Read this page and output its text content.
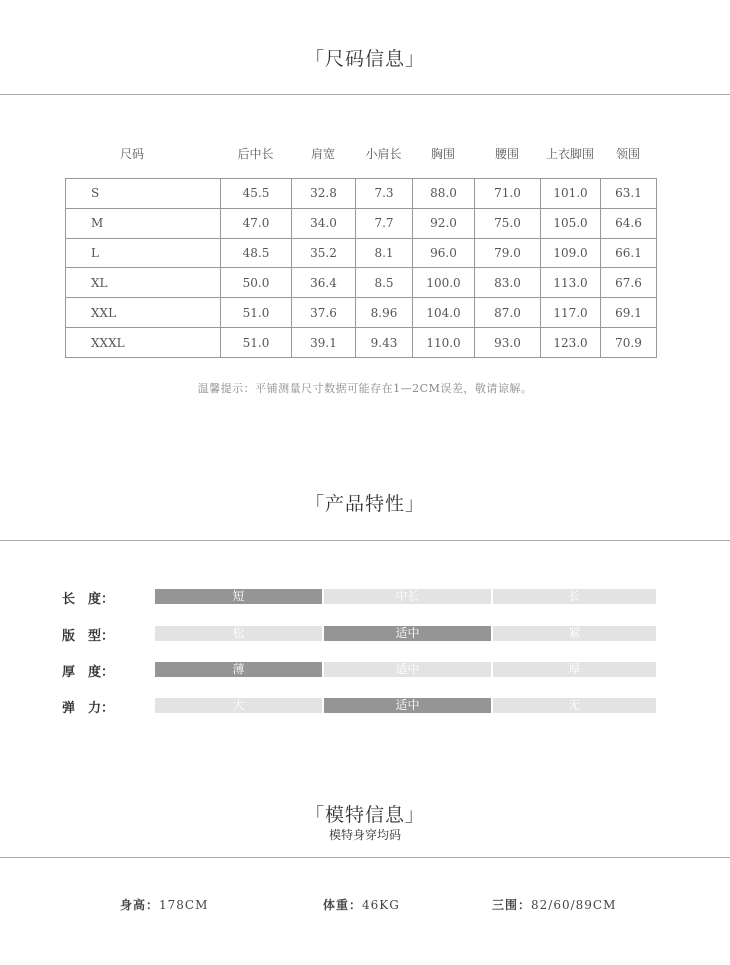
「尺码信息」
尺码	后中长	肩宽	小肩长	胸围	腰围	上衣脚围	领围
S	45.5	32.8	7.3	88.0	71.0	101.0	63.1
M	47.0	34.0	7.7	92.0	75.0	105.0	64.6
L	48.5	35.2	8.1	96.0	79.0	109.0	66.1
XL	50.0	36.4	8.5	100.0	83.0	113.0	67.6
XXL	51.0	37.6	8.96	104.0	87.0	117.0	69.1
XXXL	51.0	39.1	9.43	110.0	93.0	123.0	70.9
温馨提示：平铺测量尺寸数据可能存在1—2CM误差，敬请谅解。
「产品特性」
长　度：	短	中长	长
版　型：	松	适中	紧
厚　度：	薄	适中	厚
弹　力：	大	适中	无
「模特信息」
模特身穿均码
身高：178CM	体重：46KG	三围：82/60/89CM
